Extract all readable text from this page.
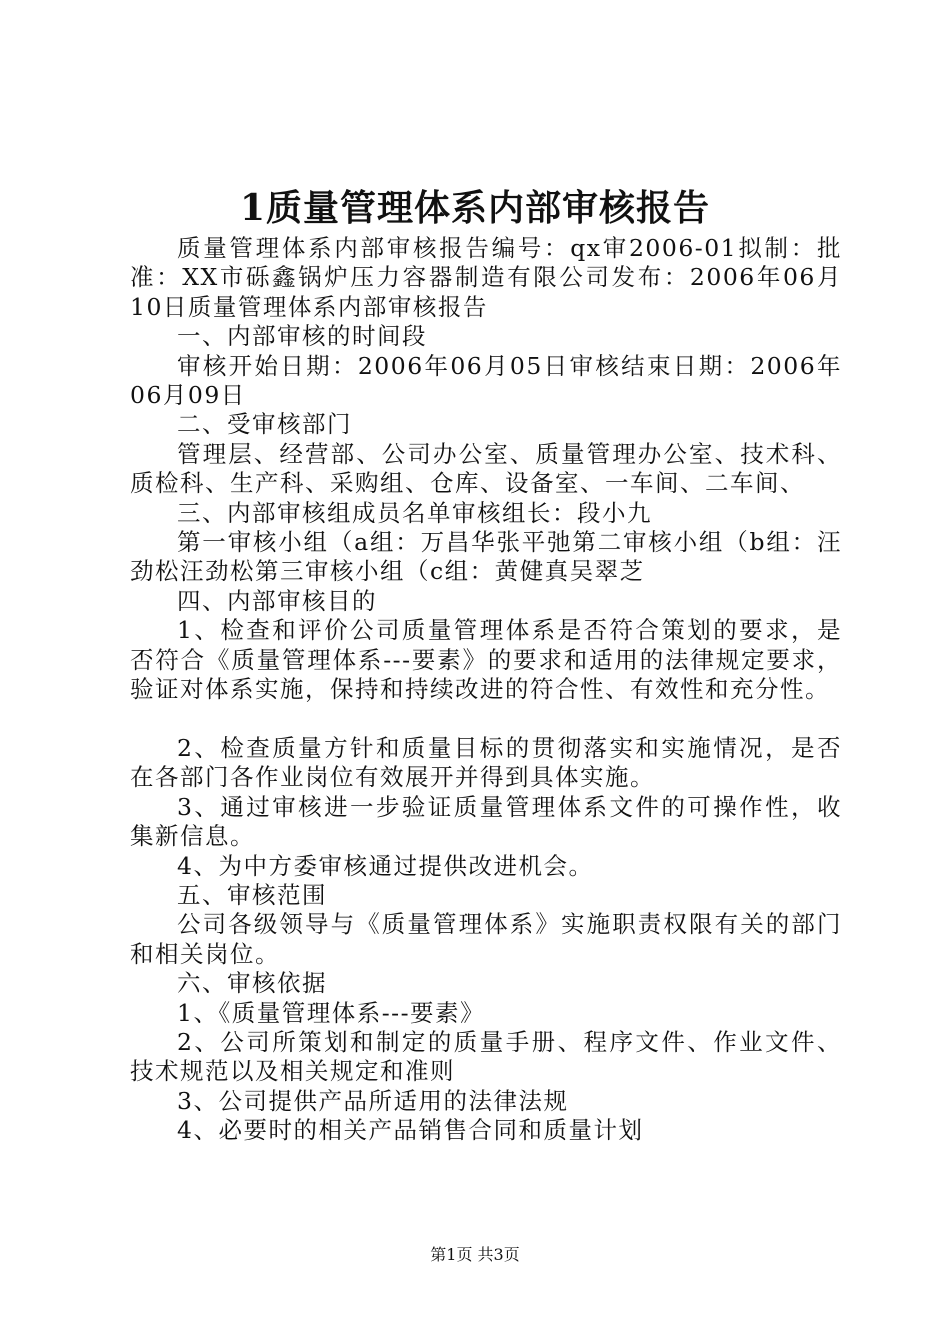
1质量管理体系内部审核报告

质量管理体系内部审核报告编号：qx审2006-01拟制：批准：XX市砾鑫锅炉压力容器制造有限公司发布：2006年06月10日质量管理体系内部审核报告

一、内部审核的时间段

审核开始日期：2006年06月05日审核结束日期：2006年06月09日

二、受审核部门

管理层、经营部、公司办公室、质量管理办公室、技术科、质检科、生产科、采购组、仓库、设备室、一车间、二车间、

三、内部审核组成员名单审核组长：段小九

第一审核小组（a组：万昌华张平弛第二审核小组（b组：汪劲松汪劲松第三审核小组（c组：黄健真吴翠芝

四、内部审核目的

1、检查和评价公司质量管理体系是否符合策划的要求，是否符合《质量管理体系---要素》的要求和适用的法律规定要求，验证对体系实施，保持和持续改进的符合性、有效性和充分性。

2、检查质量方针和质量目标的贯彻落实和实施情况，是否在各部门各作业岗位有效展开并得到具体实施。

3、通过审核进一步验证质量管理体系文件的可操作性，收集新信息。

4、为中方委审核通过提供改进机会。

五、审核范围

公司各级领导与《质量管理体系》实施职责权限有关的部门和相关岗位。

六、审核依据

1、《质量管理体系---要素》

2、公司所策划和制定的质量手册、程序文件、作业文件、技术规范以及相关规定和准则

3、公司提供产品所适用的法律法规

4、必要时的相关产品销售合同和质量计划

第1页 共3页
